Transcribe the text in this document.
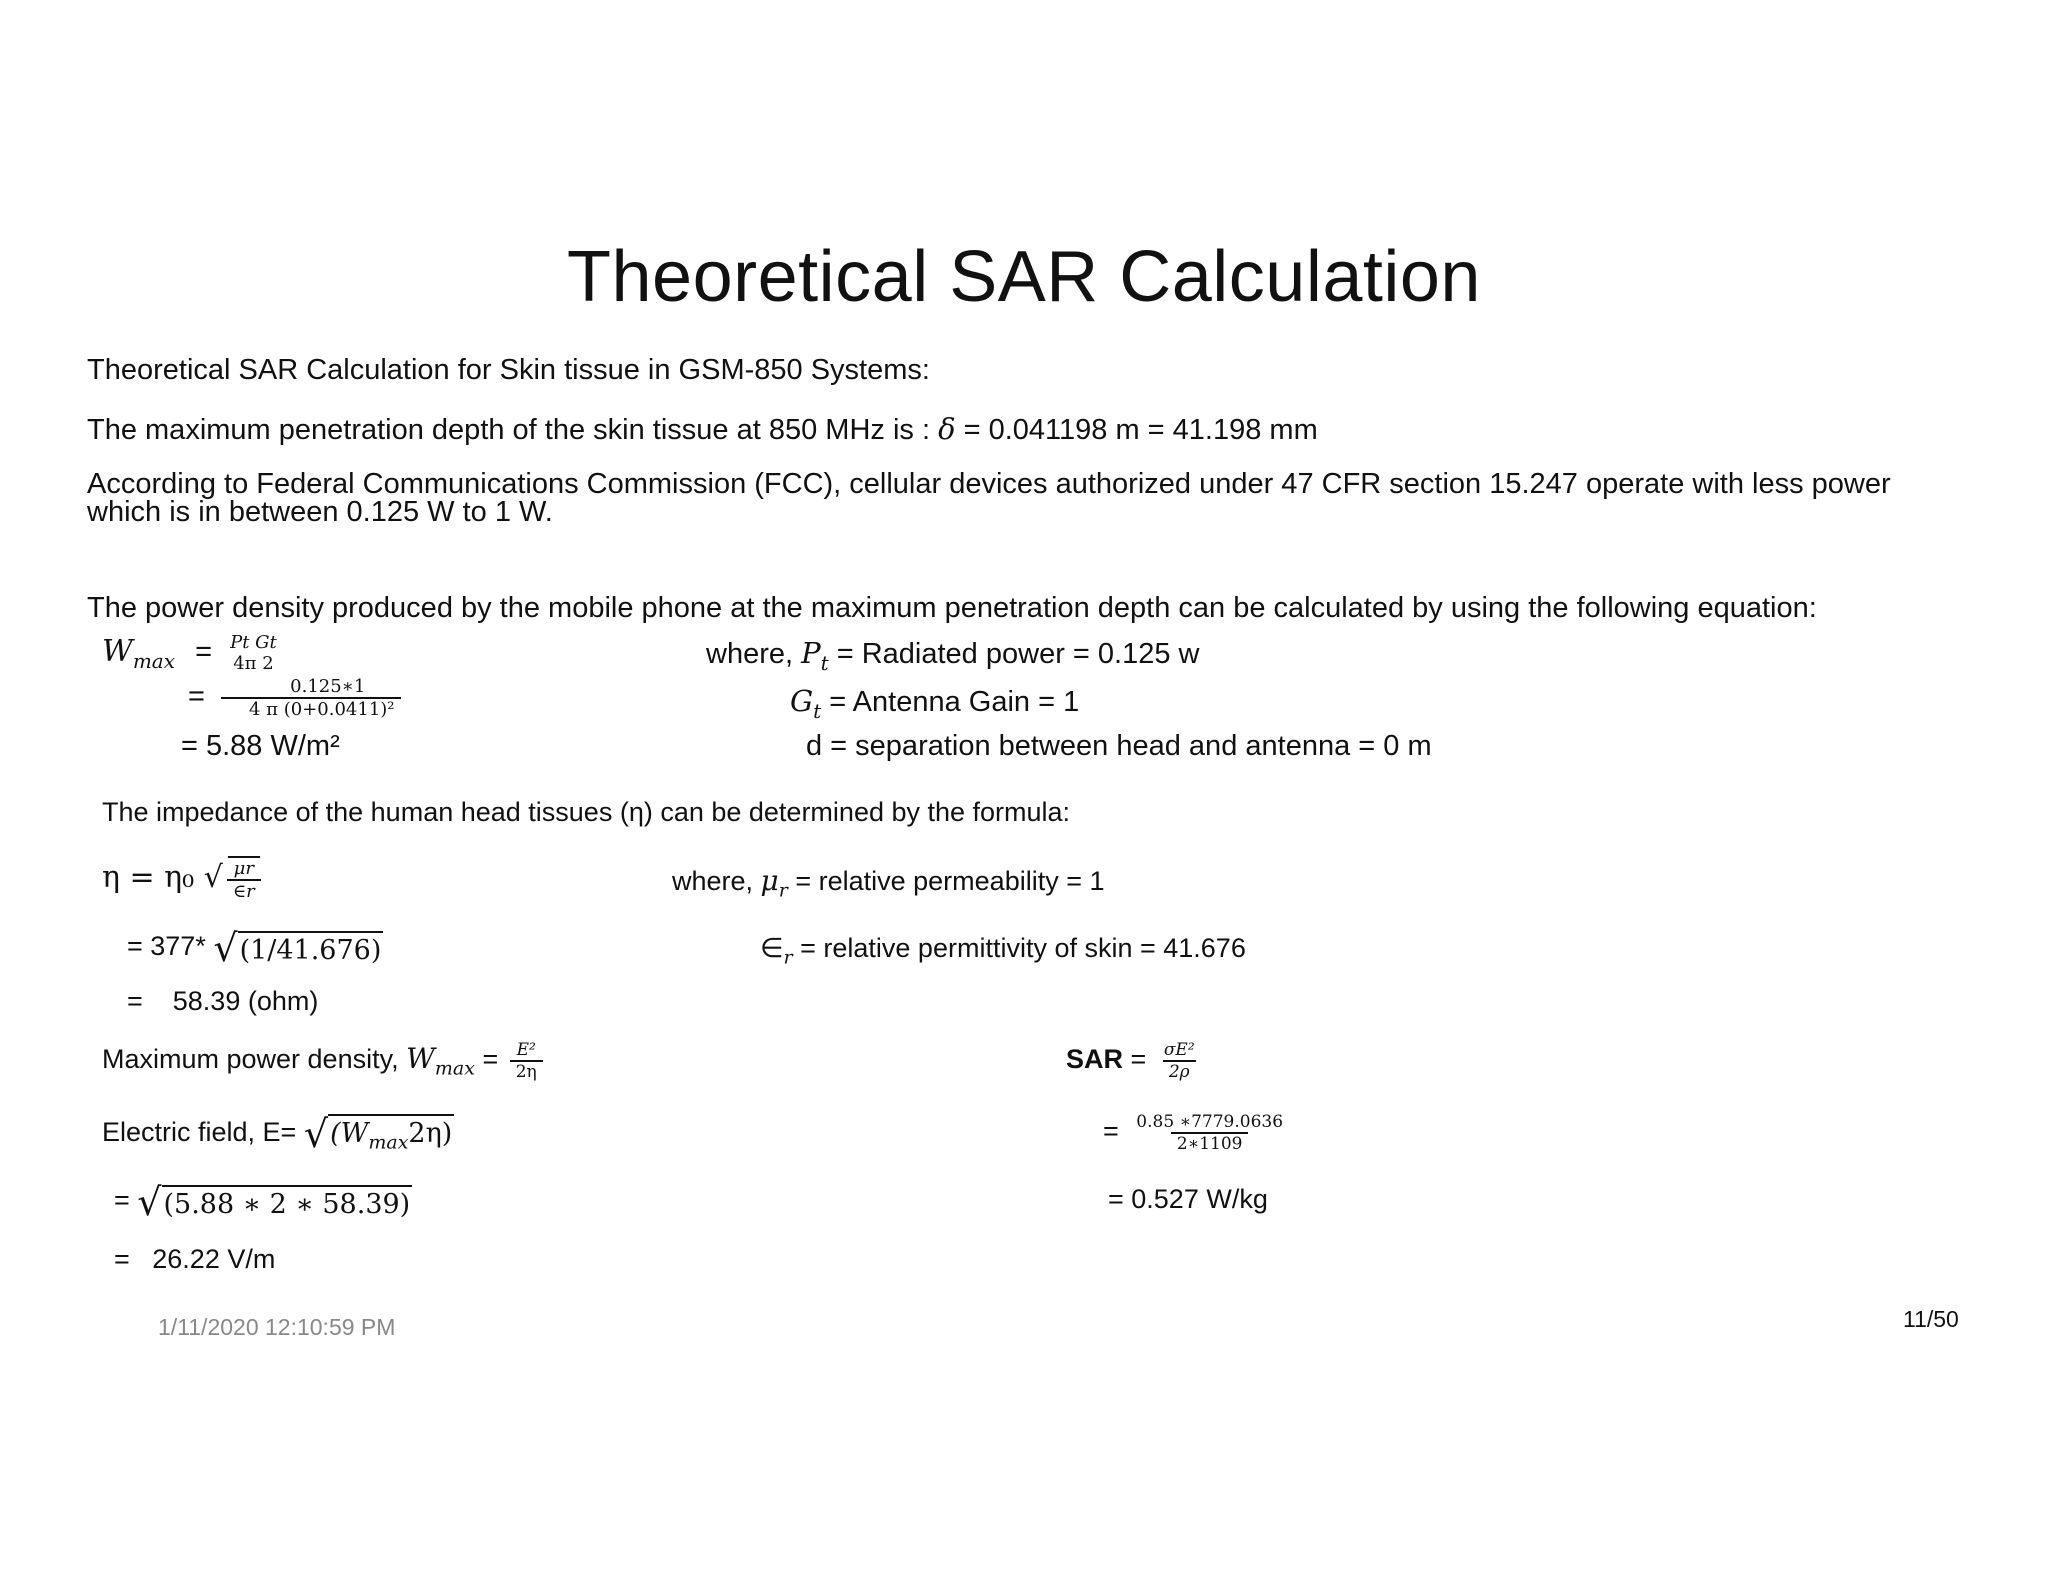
Theoretical SAR Calculation
Theoretical SAR Calculation for Skin tissue in GSM-850 Systems:
The maximum penetration depth of the skin tissue at 850 MHz is : δ = 0.041198 m = 41.198 mm
According to Federal Communications Commission (FCC), cellular devices authorized under 47 CFR section 15.247 operate with less power
which is in between 0.125 W to 1 W.
The power density produced by the mobile phone at the maximum penetration depth can be calculated by using the following equation:
$W_{max}$ =	Pt Gt
4π 2
= $\frac{0.125∗1}{\text{4 π (0+0.0411)²}}$
= 5.88 W/m²
where, $P_t$ = Radiated power = 0.125 w
$G_t$ = Antenna Gain = 1
d = separation between head and antenna = 0 m
The impedance of the human head tissues (η) can be determined by the formula:
η = η₀ √ $\frac{\mu r}{\in r}$
= 377* √(1/41.676)
=    58.39 (ohm)
where, $\mu_r$ = relative permeability = 1
$\in_r$ = relative permittivity of skin = 41.676
Maximum power density, $W_{max} = \frac{\text{E²}}{2\eta}$
Electric field, $E= √(W_{max}2\eta)$
= √(5.88 ∗ 2 ∗ 58.39)
=   26.22 V/m
SAR = $\frac{\text{σE²}}{2\rho}$
= $\frac{0.85 ∗7779.0636}{2∗1109}$
= 0.527 W/kg
1/11/2020 12:10:59 PM	11/50
